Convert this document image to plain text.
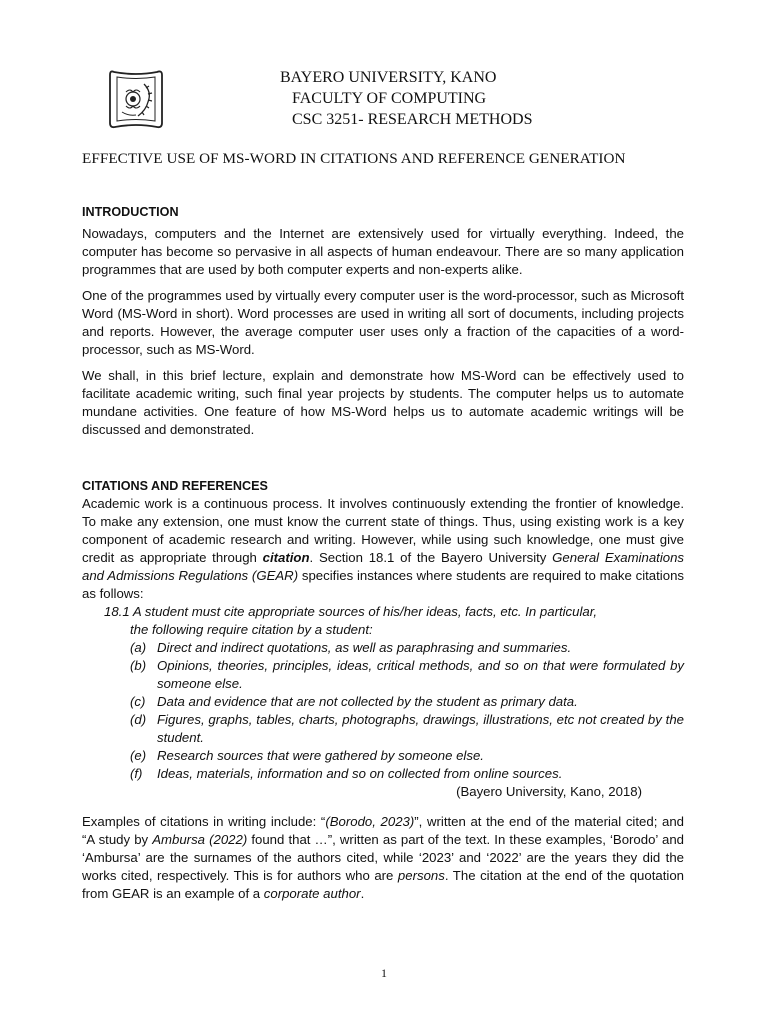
BAYERO UNIVERSITY, KANO
FACULTY OF COMPUTING
CSC 3251- RESEARCH METHODS
EFFECTIVE USE OF MS-WORD IN CITATIONS AND REFERENCE GENERATION
INTRODUCTION

Nowadays, computers and the Internet are extensively used for virtually everything. Indeed, the computer has become so pervasive in all aspects of human endeavour. There are so many application programmes that are used by both computer experts and non-experts alike.

One of the programmes used by virtually every computer user is the word-processor, such as Microsoft Word (MS-Word in short). Word processes are used in writing all sort of documents, including projects and reports. However, the average computer user uses only a fraction of the capacities of a word-processor, such as MS-Word.

We shall, in this brief lecture, explain and demonstrate how MS-Word can be effectively used to facilitate academic writing, such final year projects by students. The computer helps us to automate mundane activities. One feature of how MS-Word helps us to automate academic writings will be discussed and demonstrated.

CITATIONS AND REFERENCES

Academic work is a continuous process. It involves continuously extending the frontier of knowledge. To make any extension, one must know the current state of things. Thus, using existing work is a key component of academic research and writing. However, while using such knowledge, one must give credit as appropriate through citation. Section 18.1 of the Bayero University General Examinations and Admissions Regulations (GEAR) specifies instances where students are required to make citations as follows:

18.1 A student must cite appropriate sources of his/her ideas, facts, etc. In particular,
the following require citation by a student:
(a) Direct and indirect quotations, as well as paraphrasing and summaries.
(b) Opinions, theories, principles, ideas, critical methods, and so on that were formulated by someone else.
(c) Data and evidence that are not collected by the student as primary data.
(d) Figures, graphs, tables, charts, photographs, drawings, illustrations, etc not created by the student.
(e) Research sources that were gathered by someone else.
(f)	Ideas, materials, information and so on collected from online sources.
(Bayero University, Kano, 2018)

Examples of citations in writing include: “(Borodo, 2023)”, written at the end of the material cited; and “A study by Ambursa (2022) found that …”, written as part of the text. In these examples, ‘Borodo’ and ‘Ambursa’ are the surnames of the authors cited, while ‘2023’ and ‘2022’ are the years they did the works cited, respectively. This is for authors who are persons. The citation at the end of the quotation from GEAR is an example of a corporate author.

1
